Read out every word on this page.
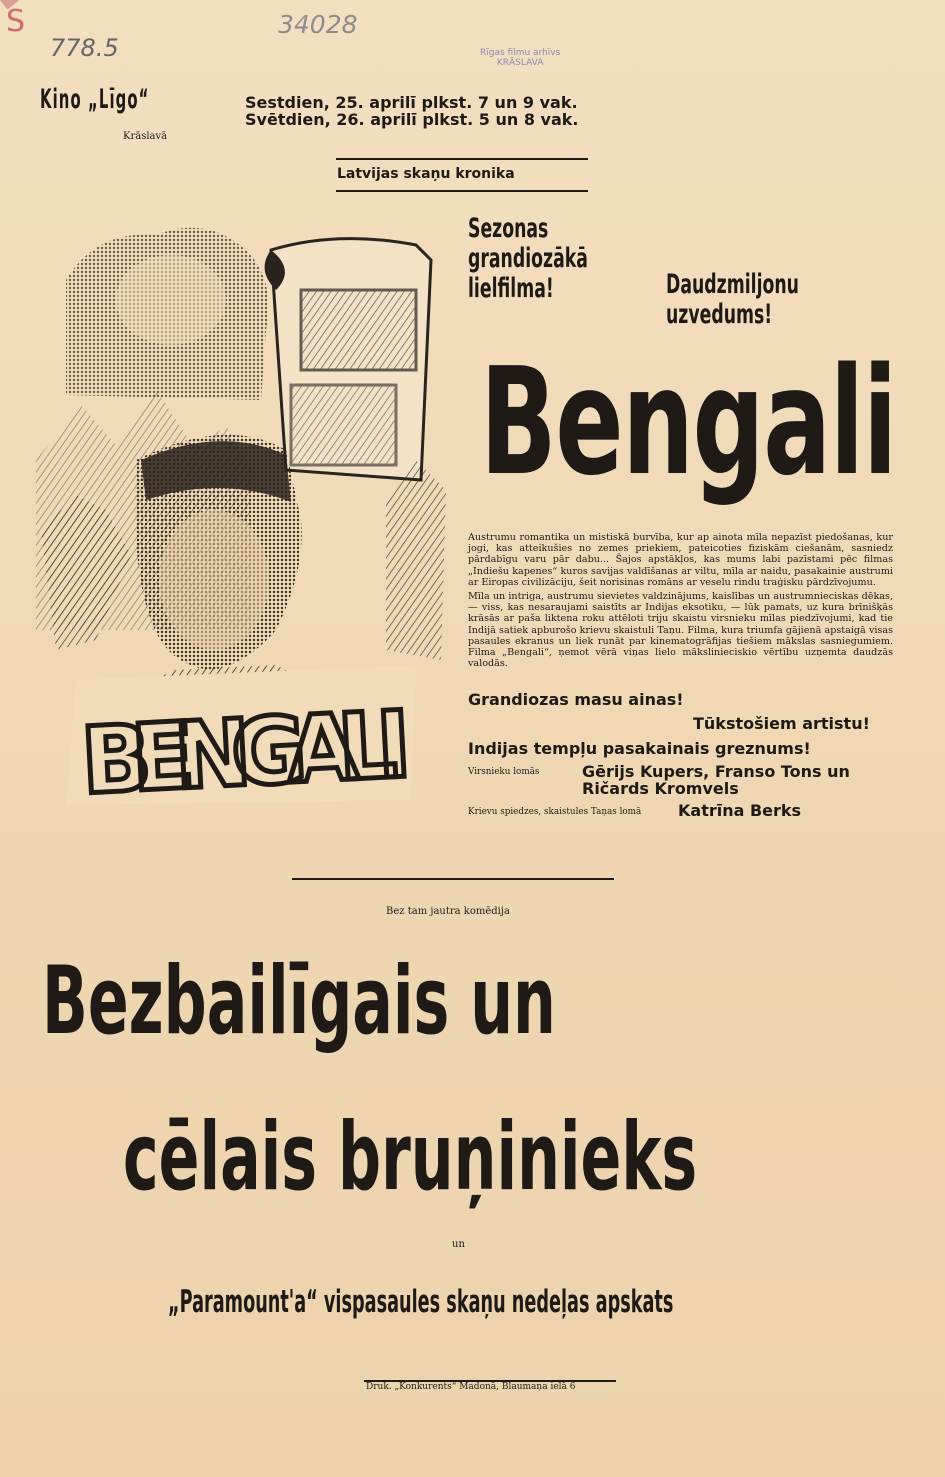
S
778.5
34028
Rīgas filmu arhīvs
KRĀSLAVA
Kino „Līgo“
Krāslavā
Sestdien, 25. aprilī plkst. 7 un 9 vak.
Svētdien, 26. aprilī plkst. 5 un 8 vak.
Latvijas skaņu kronika
BENGALI
Sezonas grandiozākā lielfilma!	Daudzmiljonu uzvedums!
Bengali

Austrumu romantika un mistiskā burvība, kur ap ainota mīla nepazīst piedošanas, kur jogi, kas atteikušies no zemes priekiem, pateicoties fiziskām ciešanām, sasniedz pārdabīgu varu pār dabu... Šajos apstākļos, kas mums labi pazīstami pēc filmas „Indiešu kapenes“ kuros savijas valdīšanas ar viltu, mīla ar naidu, pasakainie austrumi ar Eiropas civilizāciju, šeit norisinas romāns ar veselu rindu traģisku pārdzīvojumu.

Mīla un intriga, austrumu sievietes valdzinājums, kaislības un austrumnieciskas dēkas, — viss, kas nesaraujami saistīts ar Indijas eksotiku, — lūk pamats, uz kura brīnišķās krāsās ar paša liktena roku attēloti triju skaistu virsnieku mīlas piedzīvojumi, kad tie Indijā satiek apburošo krievu skaistuli Taņu. Filma, kura triumfa gājienā apstaigā visas pasaules ekranus un liek runāt par kinematogrāfijas tiešiem mākslas sasniegumiem. Filma „Bengali“, ņemot vērā viņas lielo mākslinieciskio vērtību uzņemta daudzās valodās.

Grandiozas masu ainas!
Tūkstošiem artistu!
Indijas tempļu pasakainais greznums!
Virsnieku lomās	Gērijs Kupers, Franso Tons un
Ričards Kromvels
Krievu spiedzes, skaistules Taņas lomā Katrīna Berks
Bez tam jautra komēdija
Bezbailīgais un
cēlais bruņinieks
un
„Paramount'a“ vispasaules skaņu nedeļas apskats
Druk. „Konkurents“ Madonā, Blaumaņa ielā 6
